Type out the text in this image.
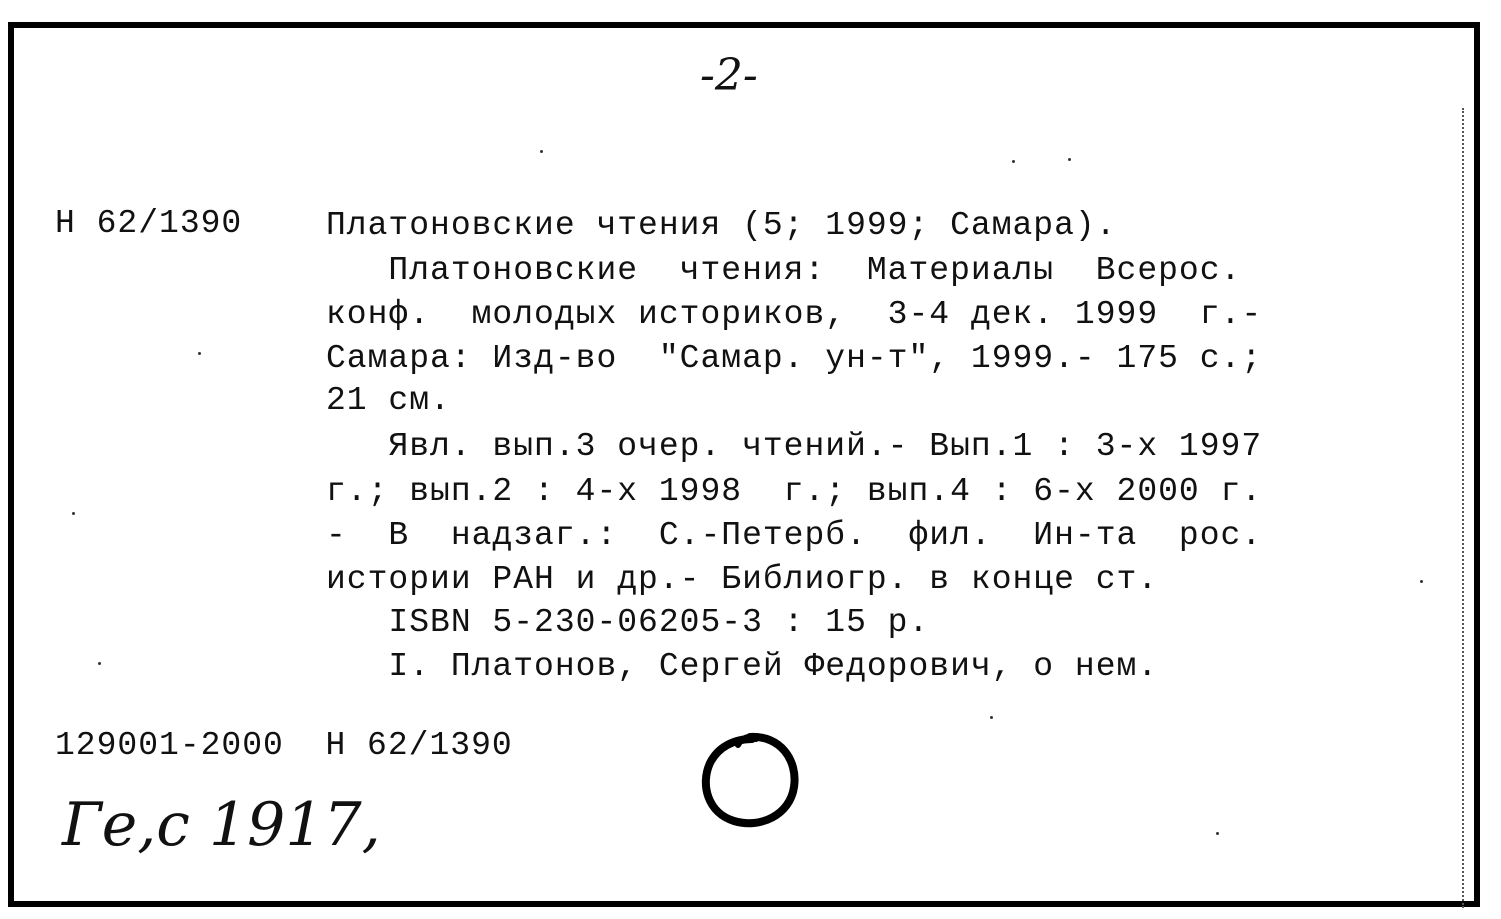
-2-
Н 62/1390	Платоновские чтения (5; 1999; Самара).
Платоновские  чтения:  Материалы  Всерос.
конф.  молодых историков,  3-4 дек. 1999  г.-
Самара: Изд-во  "Самар. ун-т", 1999.- 175 с.;
21 см.
Явл. вып.3 очер. чтений.- Вып.1 : 3-х 1997
г.; вып.2 : 4-х 1998  г.; вып.4 : 6-х 2000 г.
-  В  надзаг.:  С.-Петерб.  фил.  Ин-та  рос.
истории РАН и др.- Библиогр. в конце ст.
ISBN 5-230-06205-3 : 15 р.
I. Платонов, Сергей Федорович, о нем.
129001-2000  Н 62/1390
Ге,с 1917,
